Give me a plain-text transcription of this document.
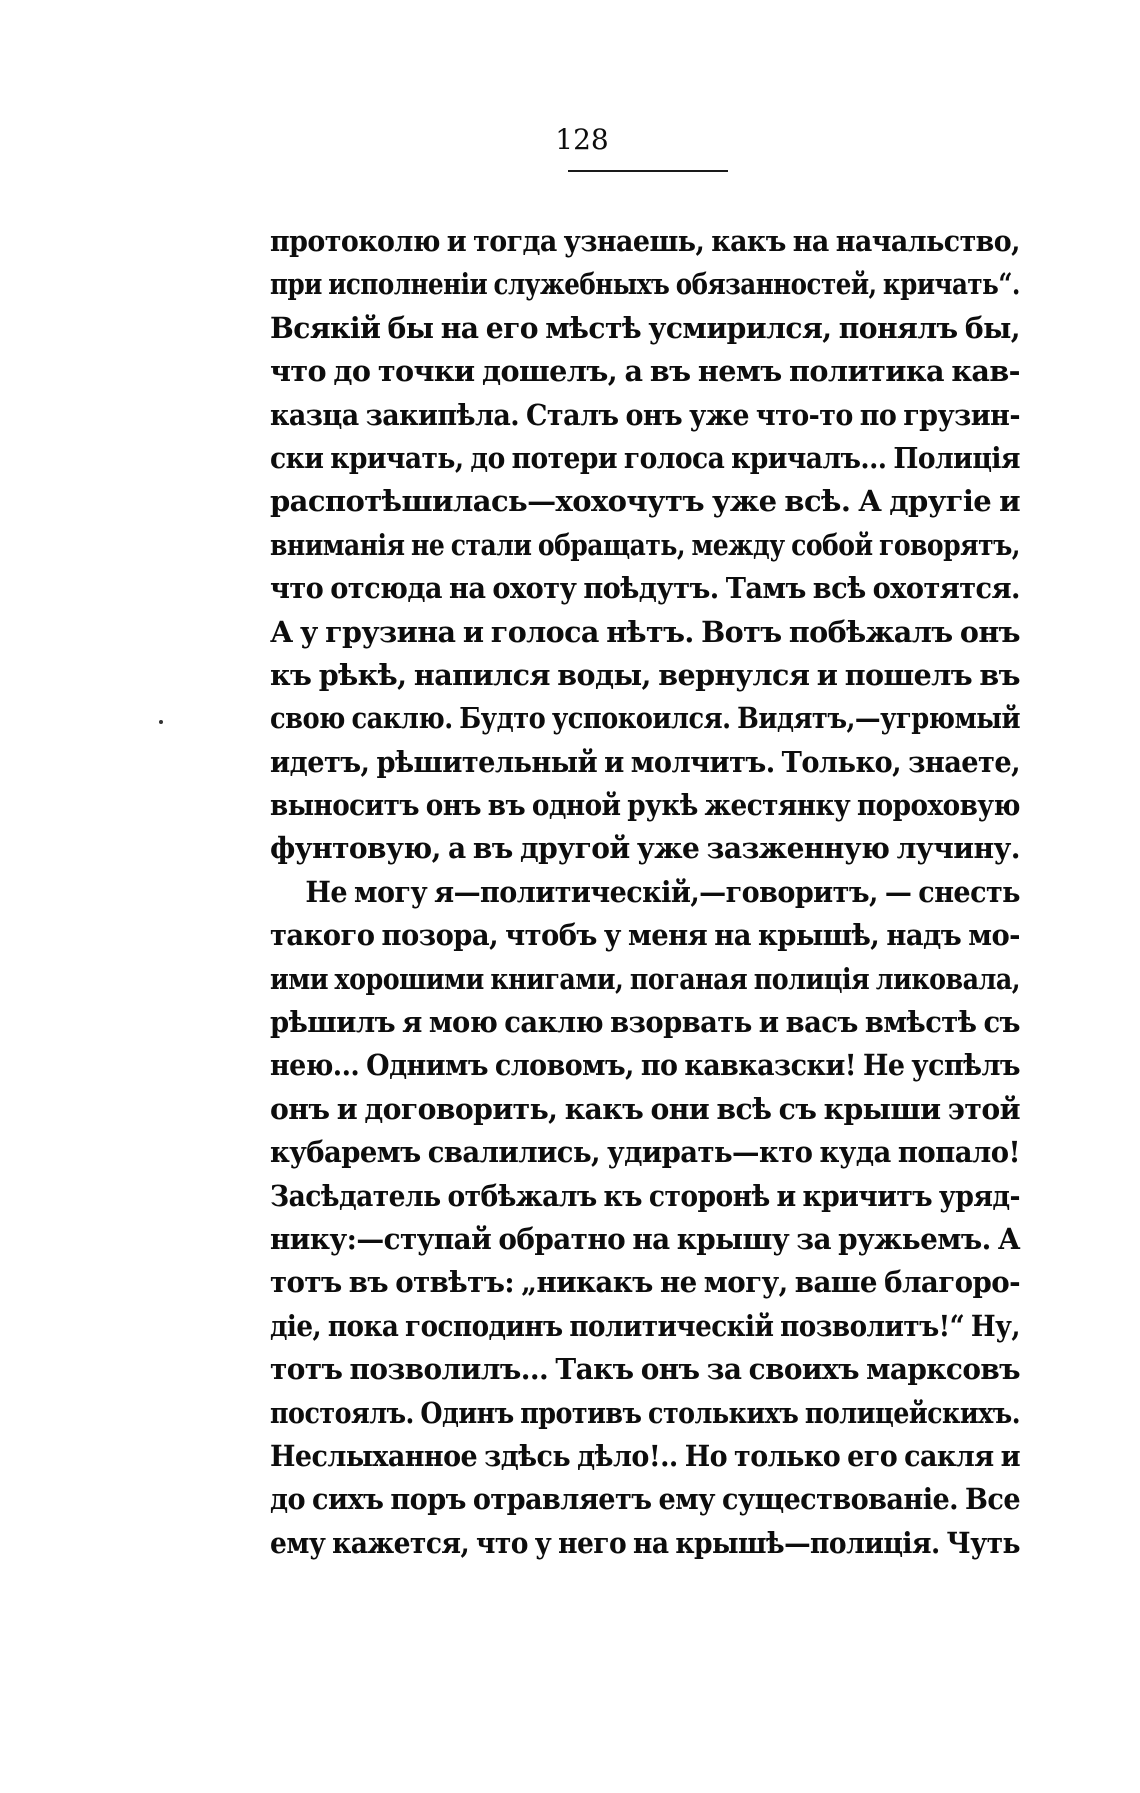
128
протоколю и тогда узнаешь, какъ на начальство,
при исполненіи служебныхъ обязанностей, кричать“.
Всякій бы на его мѣстѣ усмирился, понялъ бы,
что до точки дошелъ, а въ немъ политика кав-
казца закипѣла. Сталъ онъ уже что-то по грузин-
ски кричать, до потери голоса кричалъ... Полиція
распотѣшилась—хохочутъ уже всѣ. А другіе и
вниманія не стали обращать, между собой говорятъ,
что отсюда на охоту поѣдутъ. Тамъ всѣ охотятся.
А у грузина и голоса нѣтъ. Вотъ побѣжалъ онъ
къ рѣкѣ, напился воды, вернулся и пошелъ въ
свою саклю. Будто успокоился. Видятъ,—угрюмый
идетъ, рѣшительный и молчитъ. Только, знаете,
выноситъ онъ въ одной рукѣ жестянку пороховую
фунтовую, а въ другой уже зазженную лучину.
Не могу я—политическій,—говоритъ, — снесть
такого позора, чтобъ у меня на крышѣ, надъ мо-
ими хорошими книгами, поганая полиція ликовала,
рѣшилъ я мою саклю взорвать и васъ вмѣстѣ съ
нею... Однимъ словомъ, по кавказски! Не успѣлъ
онъ и договорить, какъ они всѣ съ крыши этой
кубаремъ свалились, удирать—кто куда попало!
Засѣдатель отбѣжалъ къ сторонѣ и кричитъ уряд-
нику:—ступай обратно на крышу за ружьемъ. А
тотъ въ отвѣтъ: „никакъ не могу, ваше благоро-
діе, пока господинъ политическій позволитъ!“ Ну,
тотъ позволилъ... Такъ онъ за своихъ марксовъ
постоялъ. Одинъ противъ столькихъ полицейскихъ.
Неслыханное здѣсь дѣло!.. Но только его сакля и
до сихъ поръ отравляетъ ему существованіе. Все
ему кажется, что у него на крышѣ—полиція. Чуть
